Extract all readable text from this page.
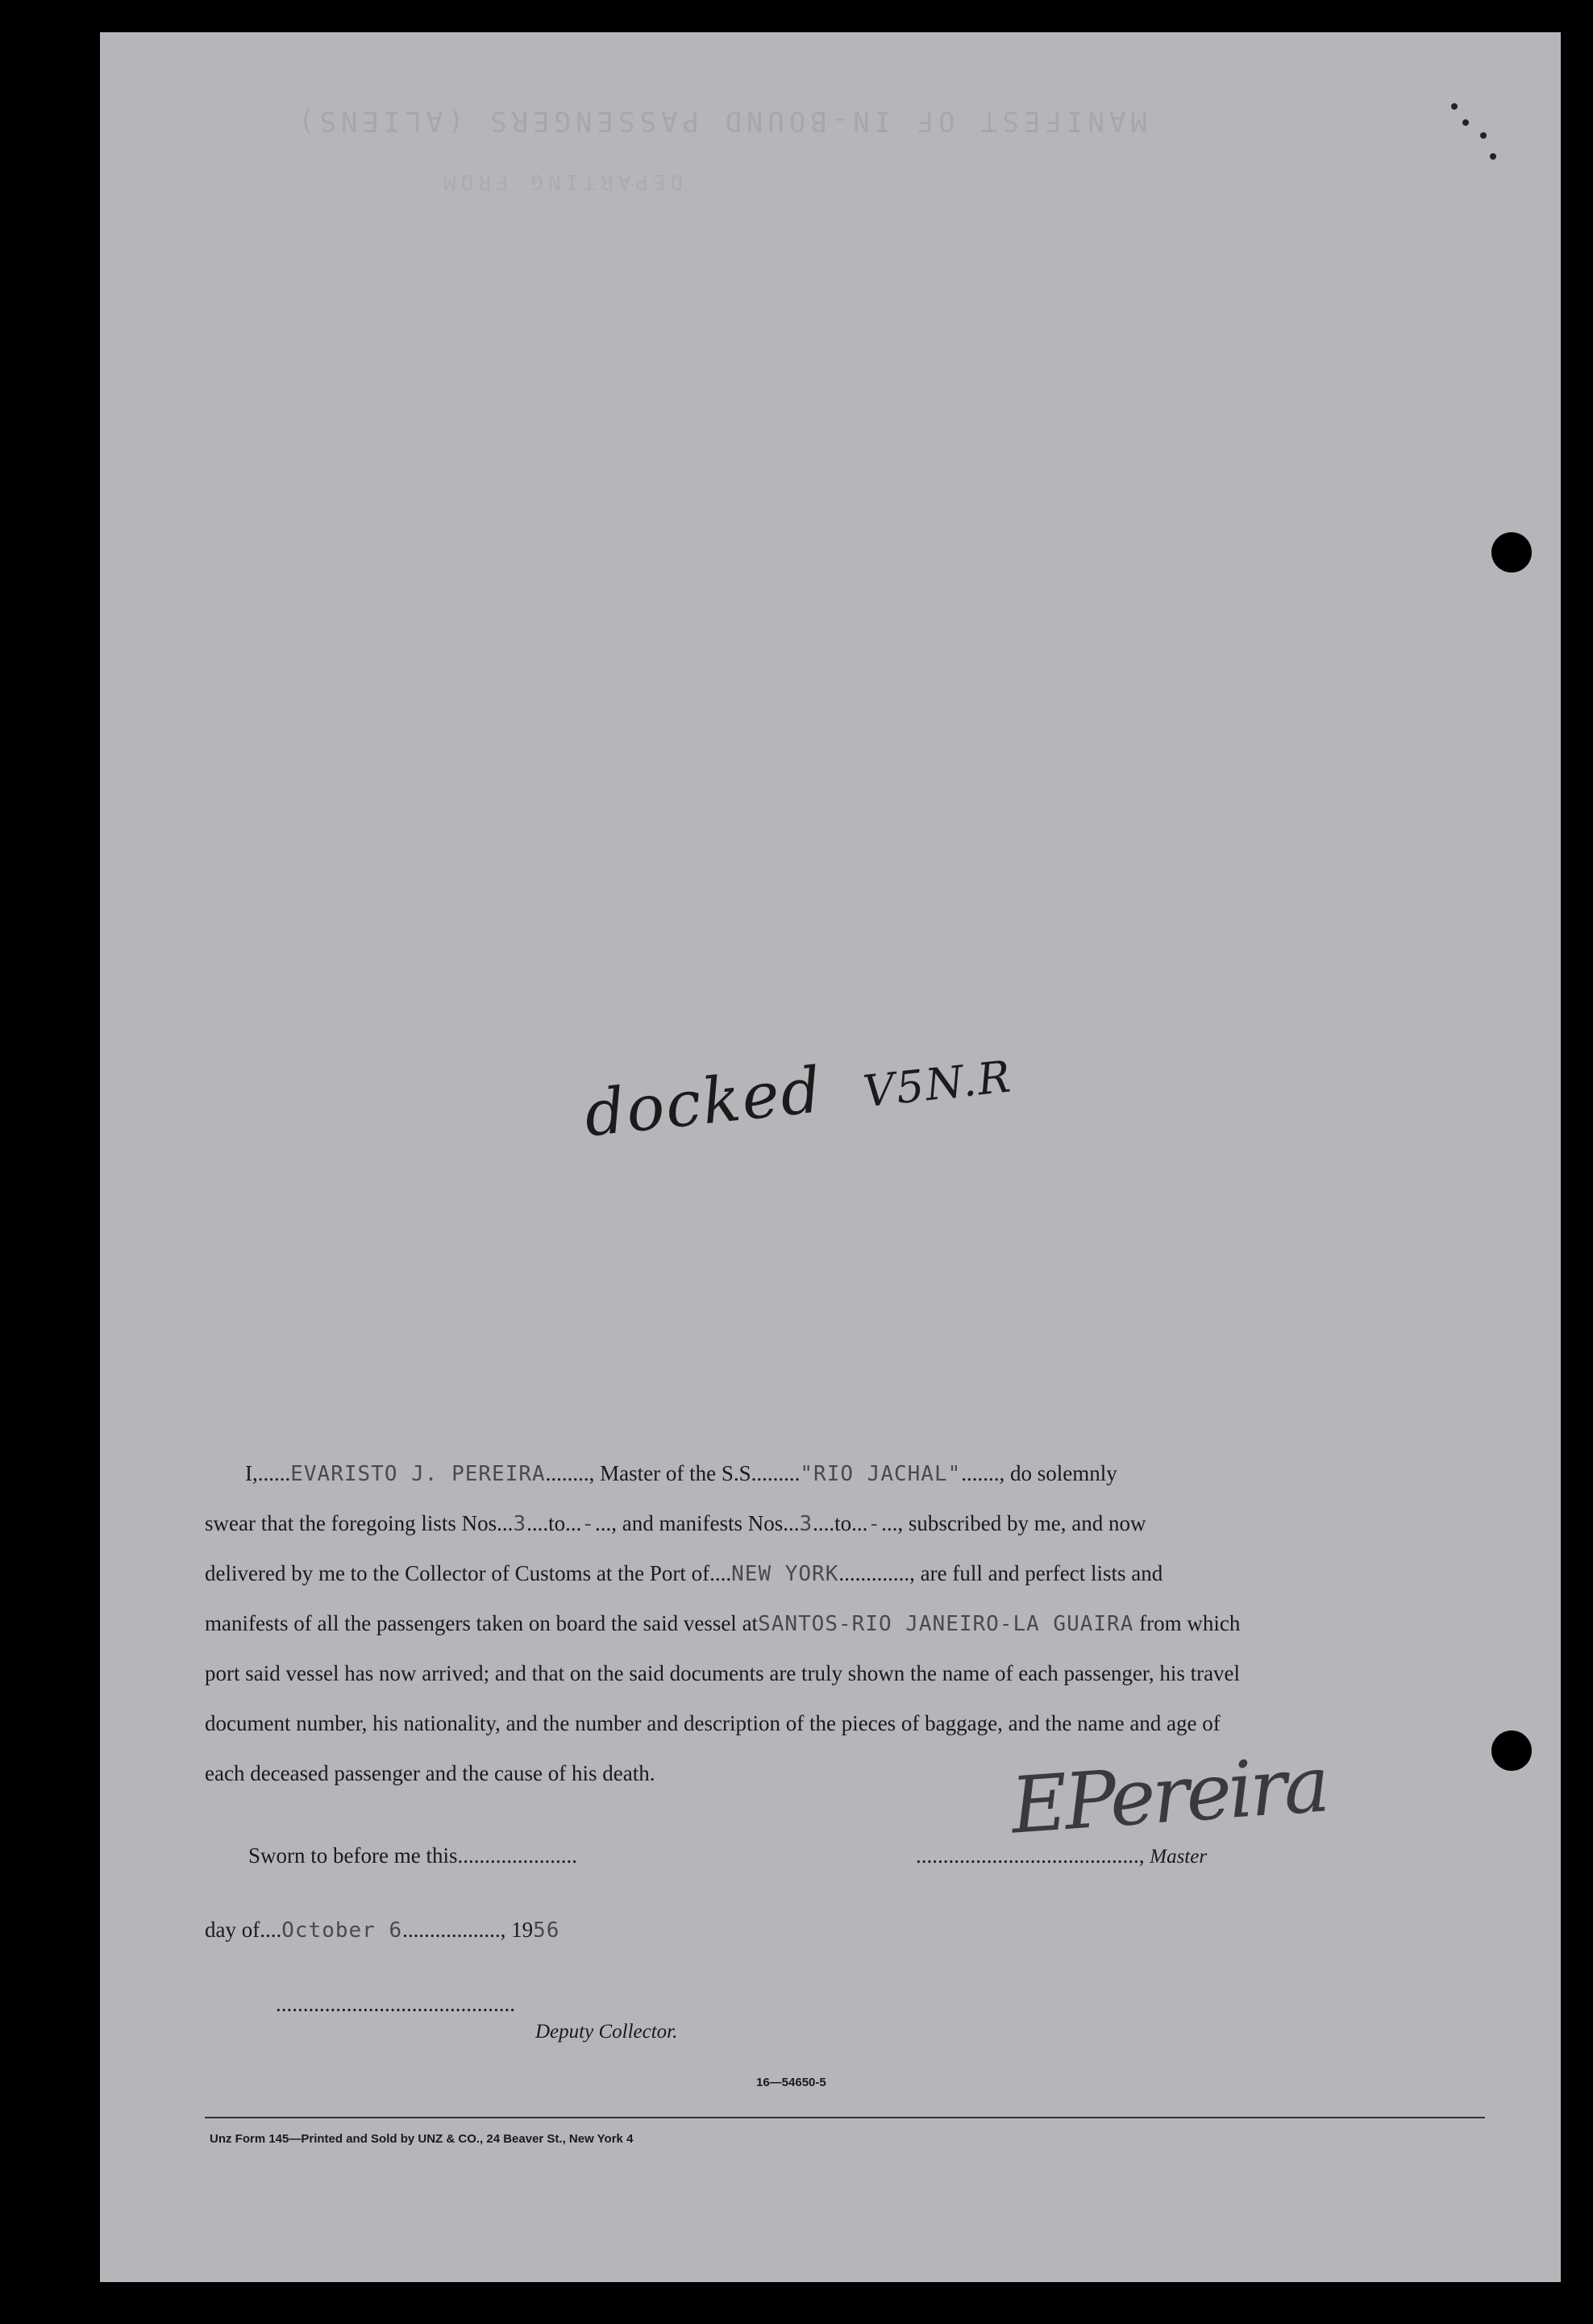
MANIFEST OF IN-BOUND PASSENGERS (ALIENS)
DEPARTING FROM
docked V5N.R
I,......EVARISTO J. PEREIRA........, Master of the S.S........."RIO JACHAL"......., do solemnly
swear that the foregoing lists Nos...3....to...-..., and manifests Nos...3....to...-..., subscribed by me, and now
delivered by me to the Collector of Customs at the Port of....NEW YORK............., are full and perfect lists and
manifests of all the passengers taken on board the said vessel atSANTOS-RIO JANEIRO-LA GUAIRA from which
port said vessel has now arrived; and that on the said documents are truly shown the name of each passenger, his travel
document number, his nationality, and the number and description of the pieces of baggage, and the name and age of
each deceased passenger and the cause of his death.
Sworn to before me this......................	........................................., Master
EPereira
day of....October 6.................., 1956
............................................
Deputy Collector.
16—54650-5
Unz Form 145—Printed and Sold by UNZ & CO., 24 Beaver St., New York 4
